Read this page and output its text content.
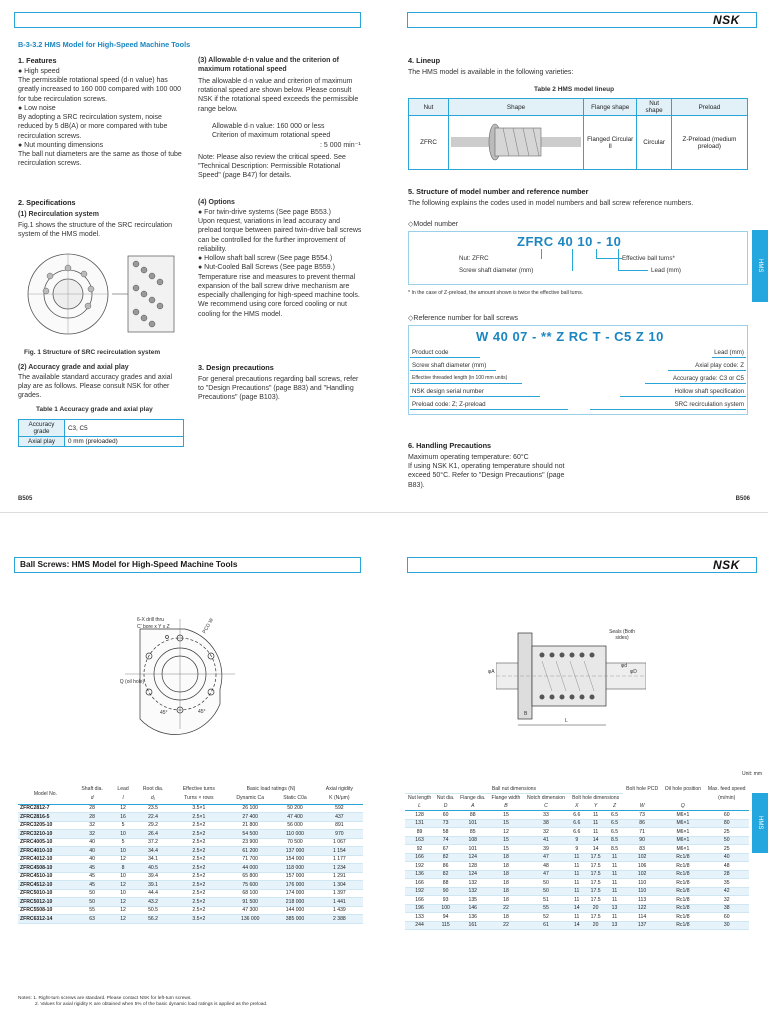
NSK
B-3-3.2 HMS Model for High-Speed Machine Tools
1. Features
● High speed
The permissible rotational speed (d·n value) has greatly increased to 160 000 compared with 100 000 for tube recirculation screws.
● Low noise
By adopting a SRC recirculation system, noise reduced by 5 dB(A) or more compared with tube recirculation screws.
● Nut mounting dimensions
The ball nut diameters are the same as those of tube recirculation screws.
2. Specifications
(1) Recirculation system
Fig.1 shows the structure of the SRC recirculation system of the HMS model.
Fig. 1 Structure of SRC recirculation system
(2) Accuracy grade and axial play
The available standard accuracy grades and axial play are as follows. Please consult NSK for other grades.
Table 1 Accuracy grade and axial play
Accuracy grade	C3, C5
Axial play	0 mm (preloaded)
B505
(3) Allowable d·n value and the criterion of maximum rotational speed
The allowable d·n value and criterion of maximum rotational speed are shown below. Please consult NSK if the rotational speed exceeds the permissible range below.
Allowable d·n value: 160 000 or less
Criterion of maximum rotational speed
: 5 000 min⁻¹
Note: Please also review the critical speed. See "Technical Description: Permissible Rotational Speed" (page B47) for details.
(4) Options
● For twin-drive systems (See page B553.)
Upon request, variations in lead accuracy and preload torque between paired twin-drive ball screws can be controlled for the further improvement of reliability.
● Hollow shaft ball screw (See page B554.)
● Nut-Cooled Ball Screws (See page B559.)
Temperature rise and measures to prevent thermal expansion of the ball screw drive mechanism are especially challenging for high-speed machine tools. We recommend using core forced cooling or nut cooling for the HMS model.
3. Design precautions
For general precautions regarding ball screws, refer to "Design Precautions" (page B83) and "Handling Precautions" (page B103).
4. Lineup
The HMS model is available in the following varieties:
Table 2 HMS model lineup
Nut	Shape	Flange shape	Nut shape	Preload
ZFRC		Flanged Circular II	Circular	Z-Preload (medium preload)
5. Structure of model number and reference number
The following explains the codes used in model numbers and ball screw reference numbers.
◇Model number
ZFRC 40 10 - 10
Nut: ZFRC
Screw shaft diameter (mm)
Effective ball turns*
Lead (mm)
* In the case of Z-preload, the amount shown is twice the effective ball turns.
◇Reference number for ball screws
W 40 07 - ** Z RC T - C5 Z 10
Product code
Screw shaft diameter (mm)
Effective threaded length (in 100 mm units)
NSK design serial number
Preload code: Z; Z-preload
Lead (mm)
Axial play code: Z
Accuracy grade: C3 or C5
Hollow shaft specification
SRC recirculation system
6. Handling Precautions
Maximum operating temperature: 60°C
If using NSK K1, operating temperature should not exceed 50°C. Refer to "Design Precautions" (page B83).
B506
HMS
Ball Screws: HMS Model for High-Speed Machine Tools	NSK
6-X drill thru
C' bore x Y x Z	PCD W
Q (oil hole)
45°	45°
Seals (Both sides)
φA
φd
φD
B
L
Unit: mm
HMS
Model No.	Shaft dia.	Lead	Root dia.	Effective turns	Basic load ratings (N)		Axial rigidity
	d	l	d₁	Turns × rows	Dynamic Ca	Static C0a	K (N/μm)

ZFRC2812-7	28	12	23.5	3.5×1	26 100	50 200	592
ZFRC2816-5	28	16	22.4	2.5×1	27 400	47 400	437
ZFRC3205-10	32	5	29.2	2.5×2	21 800	56 000	891
ZFRC3210-10	32	10	26.4	2.5×2	54 500	110 000	970
ZFRC4005-10	40	5	37.2	2.5×2	23 900	70 500	1 067
ZFRC4010-10	40	10	34.4	2.5×2	61 200	137 000	1 154
ZFRC4012-10	40	12	34.1	2.5×2	71 700	154 000	1 177
ZFRC4508-10	45	8	40.5	2.5×2	44 000	118 000	1 234
ZFRC4510-10	45	10	39.4	2.5×2	65 800	157 000	1 291
ZFRC4512-10	45	12	39.1	2.5×2	75 600	176 000	1 304
ZFRC5010-10	50	10	44.4	2.5×2	68 100	174 000	1 397
ZFRC5012-10	50	12	43.2	2.5×2	91 500	218 000	1 441
ZFRC5508-10	55	12	50.5	2.5×2	47 300	144 000	1 439
ZFRC6312-14	63	12	56.2	3.5×2	136 000	385 000	2 388
Notes: 1. Right-turn screws are standard. Please contact NSK for left-turn screws.
2. Values for axial rigidity K are obtained when 5% of the basic dynamic load ratings is applied as the preload.
Ball nut dimensions								Bolt hole PCD	Oil hole position	Max. feed speed
Nut length	Nut dia.	Flange dia.	Flange width	Notch dimension	Bolt hole dimensions					(m/min)
L	D	A	B	C	X	Y	Z	W	Q	
128	60	88	15	33	6.6	11	6.5	73	M6×1	60
131	73	101	15	38	6.6	11	6.5	86	M6×1	80
89	58	85	12	32	6.6	11	6.5	71	M6×1	25
163	74	108	15	41	9	14	8.5	90	M6×1	50
92	67	101	15	39	9	14	8.5	83	M6×1	25
166	82	124	18	47	11	17.5	11	102	Rc1/8	40
192	86	128	18	48	11	17.5	11	106	Rc1/8	48
136	82	124	18	47	11	17.5	11	102	Rc1/8	28
166	88	132	18	50	11	17.5	11	110	Rc1/8	35
192	90	132	18	50	11	17.5	11	110	Rc1/8	42
166	93	135	18	51	11	17.5	11	113	Rc1/8	32
196	100	146	22	55	14	20	13	122	Rc1/8	38
133	94	136	18	52	11	17.5	11	114	Rc1/8	60
244	115	161	22	61	14	20	13	137	Rc1/8	30
